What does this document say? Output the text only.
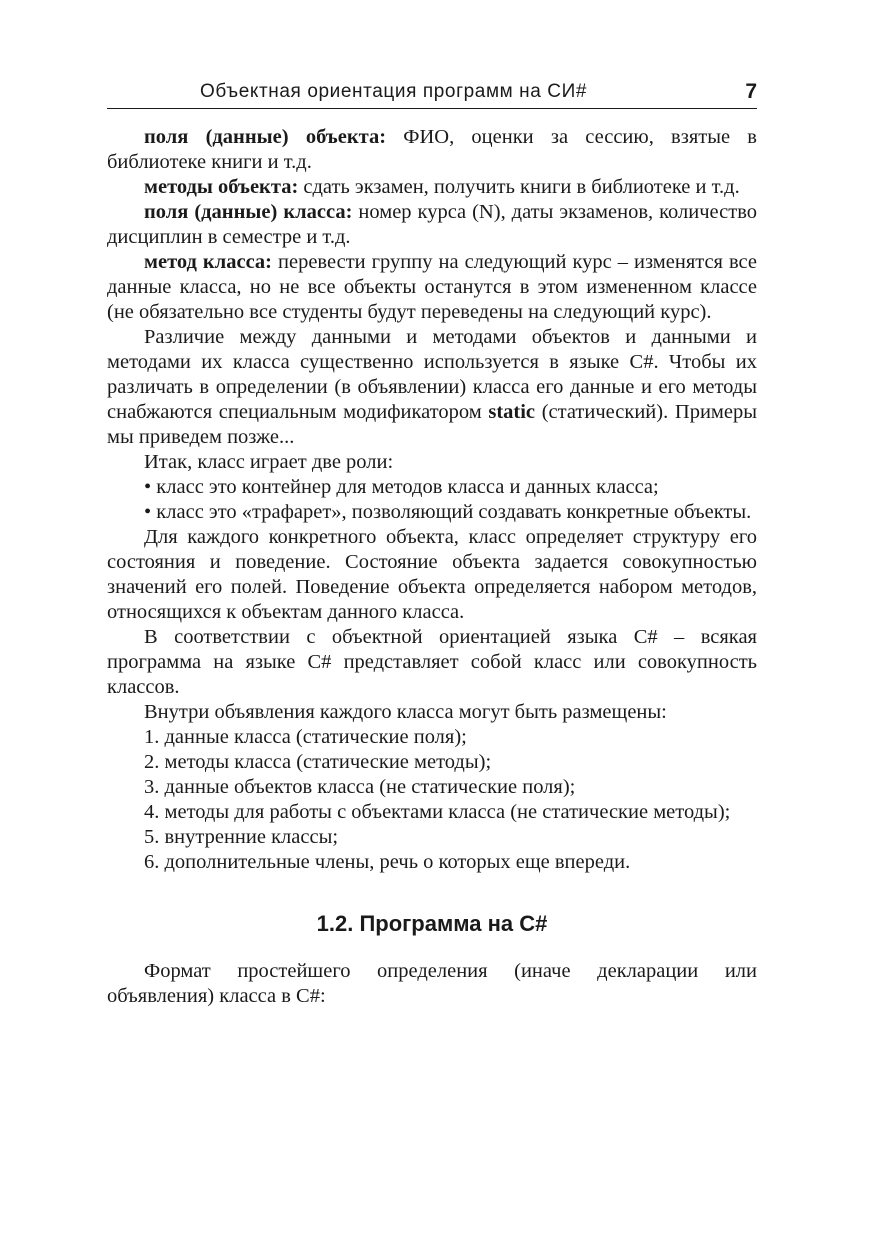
Объектная ориентация программ на СИ#	7

поля (данные) объекта: ФИО, оценки за сессию, взятые в библиотеке книги и т.д.

методы объекта: сдать экзамен, получить книги в библиотеке и т.д.

поля (данные) класса: номер курса (N), даты экзаменов, количество дисциплин в семестре и т.д.

метод класса: перевести группу на следующий курс – изменятся все данные класса, но не все объекты останутся в этом измененном классе (не обязательно все студенты будут переведены на следующий курс).

Различие между данными и методами объектов и данными и методами их класса существенно используется в языке С#. Чтобы их различать в определении (в объявлении) класса его данные и его методы снабжаются специальным модификатором static (статический). Примеры мы приведем позже...

Итак, класс играет две роли:

• класс это контейнер для методов класса и данных класса;

• класс это «трафарет», позволяющий создавать конкретные объекты.

Для каждого конкретного объекта, класс определяет структуру его состояния и поведение. Состояние объекта задается совокупностью значений его полей. Поведение объекта определяется набором методов, относящихся к объектам данного класса.

В соответствии с объектной ориентацией языка С# – всякая программа на языке С# представляет собой класс или совокупность классов.

Внутри объявления каждого класса могут быть размещены:

1. данные класса (статические поля);

2. методы класса (статические методы);

3. данные объектов класса (не статические поля);

4. методы для работы с объектами класса (не статические методы);

5. внутренние классы;

6. дополнительные члены, речь о которых еще впереди.

1.2. Программа на С#

Формат простейшего определения (иначе декларации или объявления) класса в С#:
